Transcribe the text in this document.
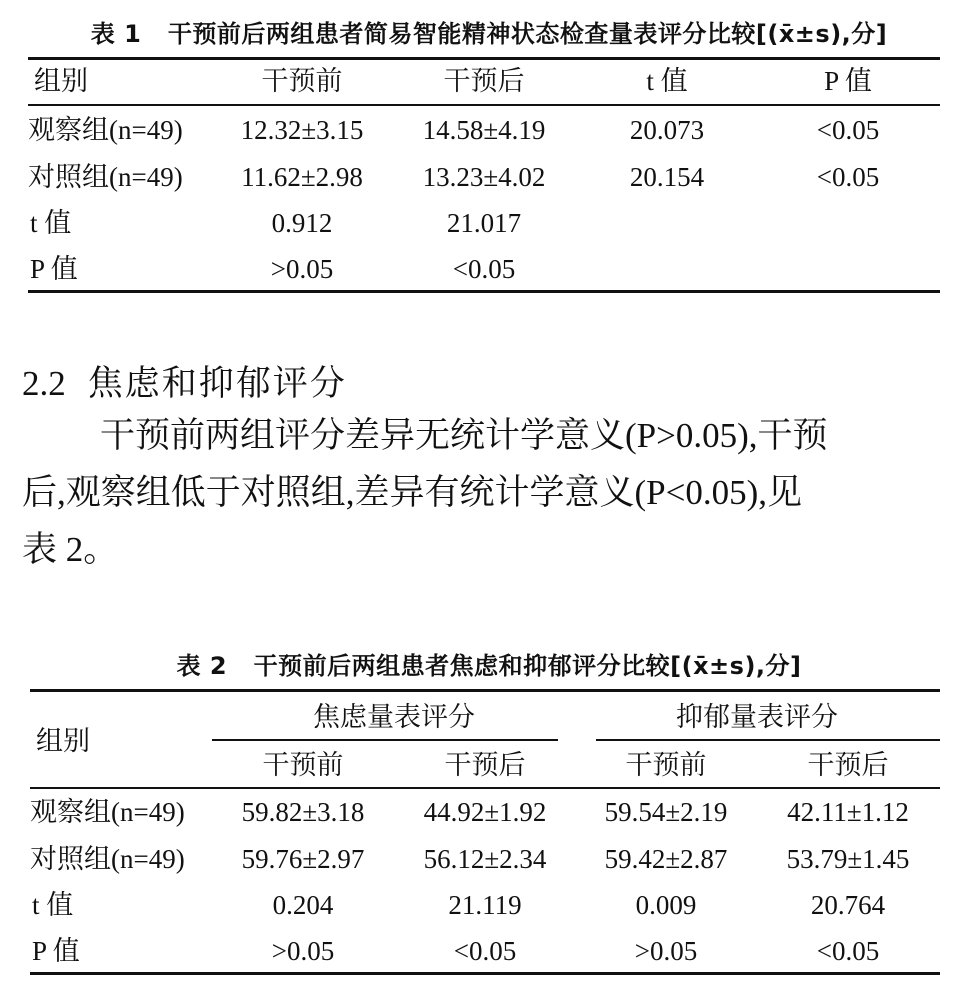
表 1 干预前后两组患者简易智能精神状态检查量表评分比较[(x̄±s),分]
组别	干预前	干预后	t 值	P 值
观察组(n=49) 12.32±3.15 14.58±4.19	20.073	<0.05
对照组(n=49) 11.62±2.98 13.23±4.02	20.154	<0.05
t 值	0.912	21.017
P 值	>0.05	<0.05
2.2 焦虑和抑郁评分
干预前两组评分差异无统计学意义(P>0.05),干预
后,观察组低于对照组,差异有统计学意义(P<0.05),见
表 2。
表 2 干预前后两组患者焦虑和抑郁评分比较[(x̄±s),分]
组别
焦虑量表评分	抑郁量表评分
干预前	干预后	干预前	干预后
观察组(n=49) 59.82±3.18 44.92±1.92 59.54±2.19 42.11±1.12
对照组(n=49) 59.76±2.97 56.12±2.34 59.42±2.87 53.79±1.45
t 值	0.204	21.119	0.009	20.764
P 值	>0.05	<0.05	>0.05	<0.05
